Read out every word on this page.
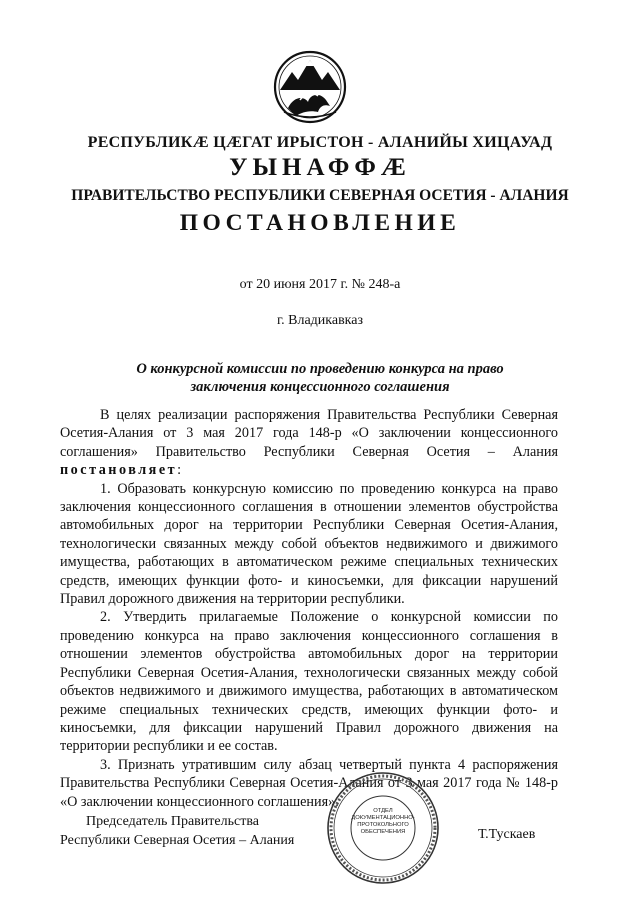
РЕСПУБЛИКӔ ЦӔГАТ ИРЫСТОН - АЛАНИЙЫ ХИЦАУАД
УЫНАФФӔ
ПРАВИТЕЛЬСТВО РЕСПУБЛИКИ СЕВЕРНАЯ ОСЕТИЯ - АЛАНИЯ
ПОСТАНОВЛЕНИЕ
от 20 июня 2017 г. № 248-а
г. Владикавказ
О конкурсной комиссии по проведению конкурса на право
заключения концессионного соглашения

В целях реализации распоряжения Правительства Республики Северная Осетия-Алания от 3 мая 2017 года 148-р «О заключении концессионного соглашения» Правительство Республики Северная Осетия – Алания постановляет:

1. Образовать конкурсную комиссию по проведению конкурса на право заключения концессионного соглашения в отношении элементов обустройства автомобильных дорог на территории Республики Северная Осетия-Алания, технологически связанных между собой объектов недвижимого и движимого имущества, работающих в автоматическом режиме специальных технических средств, имеющих функции фото- и киносъемки, для фиксации нарушений Правил дорожного движения на территории республики.

2. Утвердить прилагаемые Положение о конкурсной комиссии по проведению конкурса на право заключения концессионного соглашения в отношении элементов обустройства автомобильных дорог на территории Республики Северная Осетия-Алания, технологически связанных между собой объектов недвижимого и движимого имущества, работающих в автоматическом режиме специальных технических средств, имеющих функции фото- и киносъемки, для фиксации нарушений Правил дорожного движения на территории республики и ее состав.

3. Признать утратившим силу абзац четвертый пункта 4 распоряжения Правительства Республики Северная Осетия-Алания от 3 мая 2017 года № 148-р «О заключении концессионного соглашения».

Председатель Правительства
Республики Северная Осетия – Алания
ОТДЕЛ
ДОКУМЕНТАЦИОННО-
ПРОТОКОЛЬНОГО
ОБЕСПЕЧЕНИЯ	Т.Тускаев
